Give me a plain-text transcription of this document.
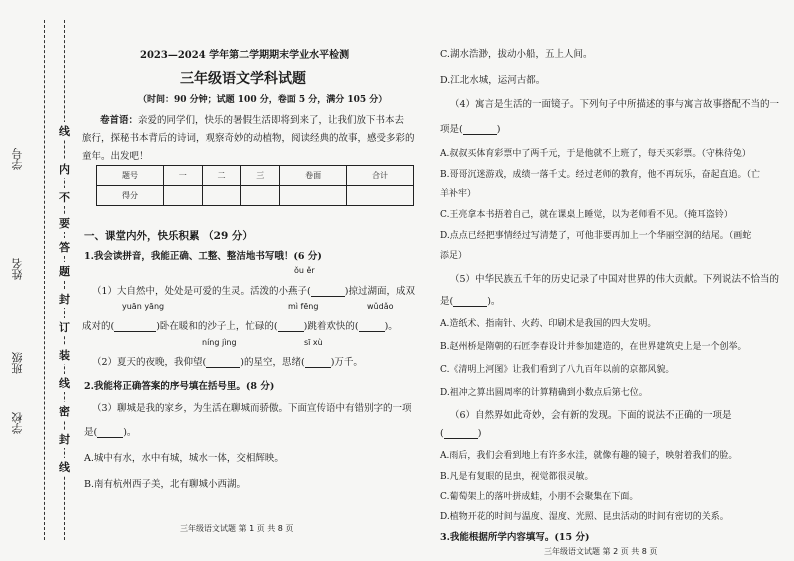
学号
姓名
班级
学校
线
内
不
要
答
题
封
订
装
线
密
封
线
2023—2024 学年第二学期期末学业水平检测
三年级语文学科试题
（时间：90 分钟；试题 100 分，卷面 5 分，满分 105 分）
卷首语：亲爱的同学们，快乐的暑假生活即将到来了，让我们放下书本去
旅行，探秘书本背后的诗词，观察奇妙的动植物，阅读经典的故事，感受多彩的
童年。出发吧！
题号	一	二	三	卷面	合计
得分					
一、课堂内外，快乐积累 （29 分）
1.我会读拼音，我能正确、工整、整洁地书写哦！(6 分)
ǒu ěr
（1）大自然中，处处是可爱的生灵。活泼的小燕子(	)掠过湖面，成双
yuān yāng	mì fēng	wǔdǎo
成对的(	)卧在暖和的沙子上，忙碌的(	)跳着欢快的(	)。
níng jìng	sī xù
（2）夏天的夜晚，我仰望(	)的星空，思绪(	)万千。
2.我能将正确答案的序号填在括号里。(8 分)
（3）聊城是我的家乡，为生活在聊城而骄傲。下面宣传语中有错别字的一项
是(	)。
A.城中有水，水中有城，城水一体，交相辉映。
B.南有杭州西子美，北有聊城小西湖。
三年级语文试题 第 1 页 共 8 页
C.湖水浩渺，拔动小船，五上人间。
D.江北水城，运河古都。
（4）寓言是生活的一面镜子。下列句子中所描述的事与寓言故事搭配不当的一
项是(	)
A.叔叔买体育彩票中了两千元，于是他就不上班了，每天买彩票。（守株待兔）
B.哥哥沉迷游戏，成绩一落千丈。经过老师的教育，他不再玩乐，奋起直追。（亡
羊补牢）
C.王亮拿本书捂着自己，就在课桌上睡觉，以为老师看不见。（掩耳盗铃）
D.点点已经把事情经过写清楚了，可他非要再加上一个华丽空洞的结尾。（画蛇
添足）
（5）中华民族五千年的历史记录了中国对世界的伟大贡献。下列说法不恰当的
是(	)。
A.造纸术、指南针、火药、印刷术是我国的四大发明。
B.赵州桥是隋朝的石匠李春设计并参加建造的，在世界建筑史上是一个创举。
C.《清明上河图》让我们看到了八九百年以前的京都风貌。
D.祖冲之算出圆周率的计算精确到小数点后第七位。
（6）自然界如此奇妙，会有新的发现。下面的说法不正确的一项是
(	)
A.雨后，我们会看到地上有许多水洼，就像有趣的镜子，映射着我们的脸。
B.凡是有复眼的昆虫，视觉都很灵敏。
C.葡萄架上的落叶拼成蛙，小朋不会聚集在下面。
D.植物开花的时间与温度、湿度、光照、昆虫活动的时间有密切的关系。
3.我能根据所学内容填写。(15 分)
三年级语文试题 第 2 页 共 8 页
